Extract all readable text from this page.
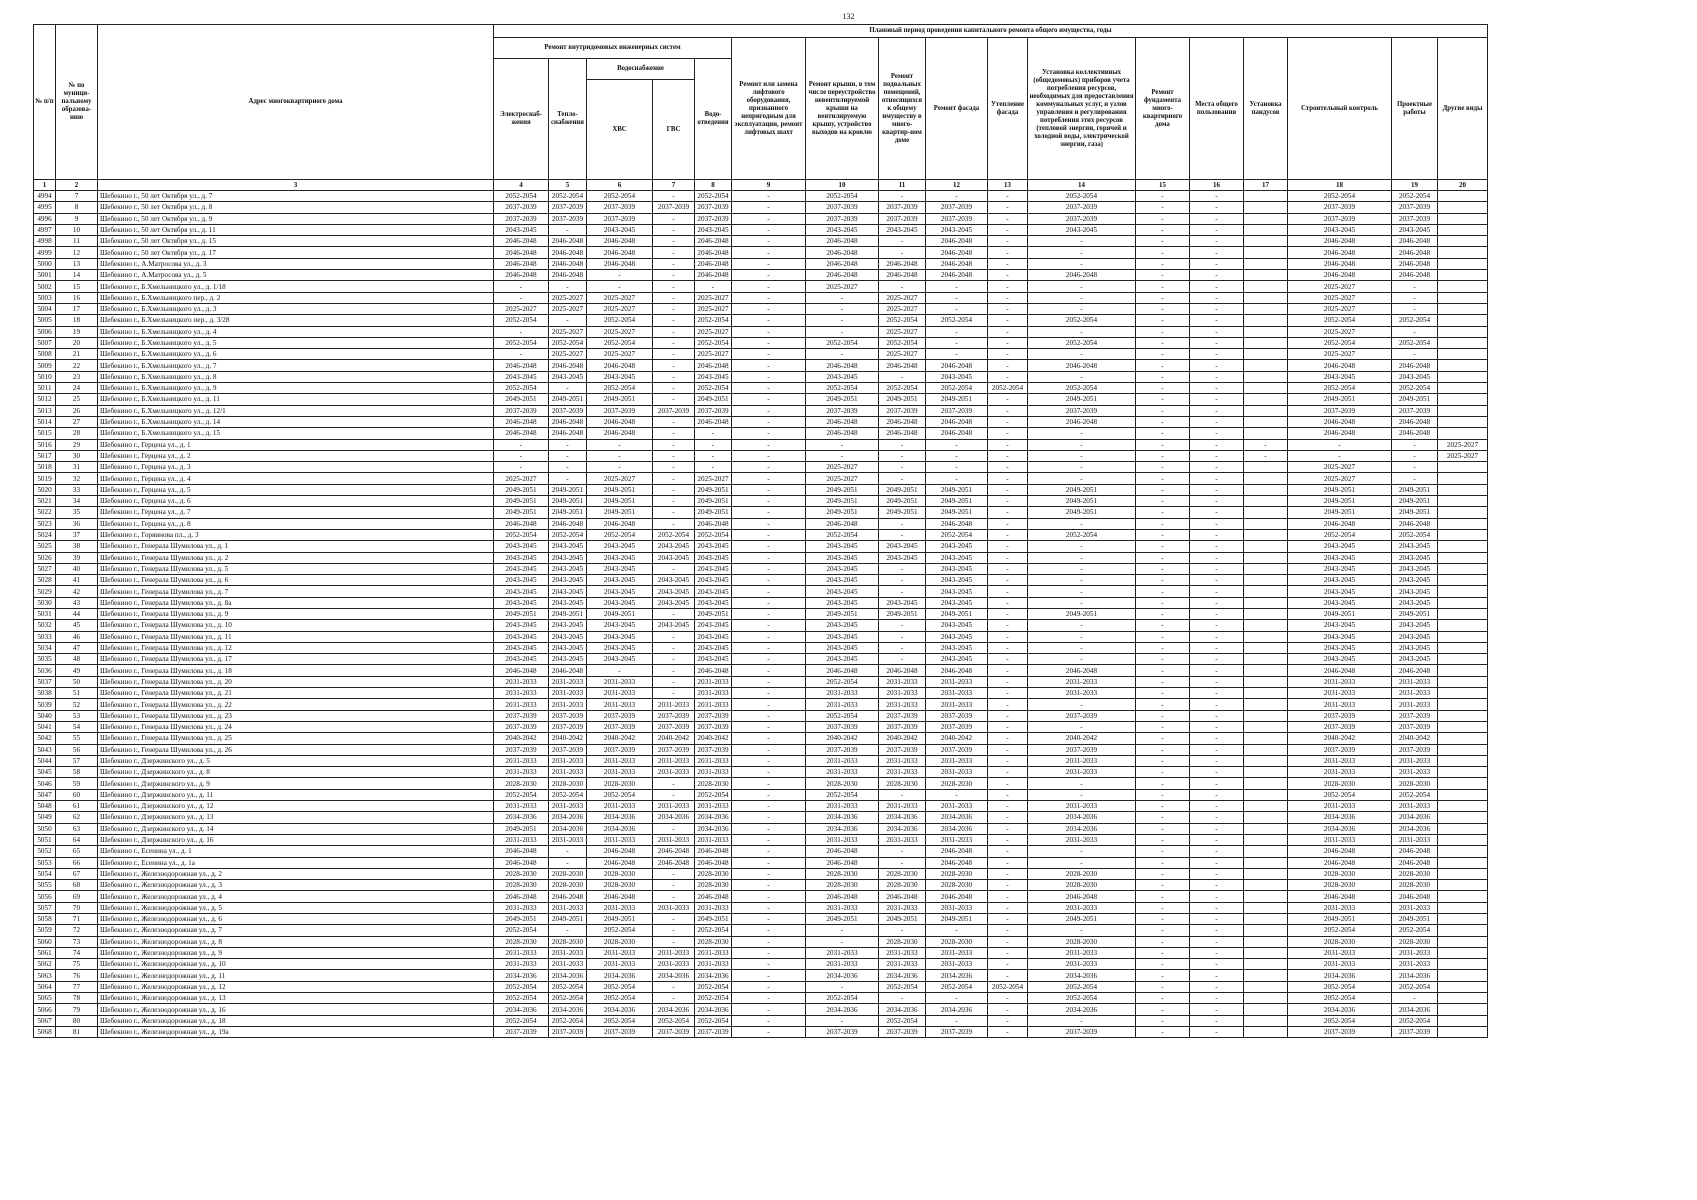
132
№ п/п	№ по муници-пальному образова-нию	Адрес многоквартирного дома	Плановый период проведения капитального ремонта общего имущества, годы																
			Ремонт внутридомовых инженерных систем					Ремонт или замена лифтового оборудования, признанного непригодным для эксплуатации, ремонт лифтовых шахт	Ремонт крыши, в том числе переустройство невентилируемой крыши на вентилируемую крышу, устройство выходов на кровлю	Ремонт подвальных помещений, относящихся к общему имуществу в много-квартир-ном доме	Ремонт фасада	Утепление фасада	Установка коллективных (общедомовых) приборов учета потребления ресурсов, необходимых для предоставления коммунальных услуг, и узлов управления и регулирования потребления этих ресурсов (тепловой энергии, горячей и холодной воды, электрической энергии, газа)	Ремонт фундамента много-квартирного дома	Места общего пользования	Установка пандусов	Строительный контроль	Проектные работы	Другие виды
			Электроснаб-жения	Тепло-снабжения	Водоснабжение		Водо-отведения												
					ХВС	ГВС													
1	2	3	4	5	6	7	8	9	10	11	12	13	14	15	16	17	18	19	20
4994	7	Шебекино г., 50 лет Октября ул., д. 7	2052-2054	2052-2054	2052-2054	-	2052-2054	-	2052-2054	-	-	-	2052-2054	-	-		2052-2054	2052-2054	
4995	8	Шебекино г., 50 лет Октября ул., д. 8	2037-2039	2037-2039	2037-2039	2037-2039	2037-2039	-	2037-2039	2037-2039	2037-2039	-	2037-2039	-	-		2037-2039	2037-2039	
4996	9	Шебекино г., 50 лет Октября ул., д. 9	2037-2039	2037-2039	2037-2039	-	2037-2039	-	2037-2039	2037-2039	2037-2039	-	2037-2039	-	-		2037-2039	2037-2039	
4997	10	Шебекино г., 50 лет Октября ул., д. 11	2043-2045	-	2043-2045	-	2043-2045	-	2043-2045	2043-2045	2043-2045	-	2043-2045	-	-		2043-2045	2043-2045	
4998	11	Шебекино г., 50 лет Октября ул., д. 15	2046-2048	2046-2048	2046-2048	-	2046-2048	-	2046-2048	-	2046-2048	-	-	-	-		2046-2048	2046-2048	
4999	12	Шебекино г., 50 лет Октября ул., д. 17	2046-2048	2046-2048	2046-2048	-	2046-2048	-	2046-2048	-	2046-2048	-	-	-	-		2046-2048	2046-2048	
5000	13	Шебекино г., А.Матросова ул., д. 3	2046-2048	2046-2048	2046-2048	-	2046-2048	-	2046-2048	2046-2048	2046-2048	-	-	-	-		2046-2048	2046-2048	
5001	14	Шебекино г., А.Матросова ул., д. 5	2046-2048	2046-2048	-	-	2046-2048	-	2046-2048	2046-2048	2046-2048	-	2046-2048	-	-		2046-2048	2046-2048	
5002	15	Шебекино г., Б.Хмельницкого ул., д. 1/18	-	-	-	-	-	-	2025-2027	-	-	-	-	-	-		2025-2027	-	
5003	16	Шебекино г., Б.Хмельницкого пер., д. 2	-	2025-2027	2025-2027	-	2025-2027	-	-	2025-2027	-	-	-	-	-		2025-2027	-	
5004	17	Шебекино г., Б.Хмельницкого ул., д. 3	2025-2027	2025-2027	2025-2027	-	2025-2027	-	-	2025-2027	-	-	-	-	-		2025-2027	-	
5005	18	Шебекино г., Б.Хмельницкого пер., д. 3/28	2052-2054	-	2052-2054	-	2052-2054	-	-	2052-2054	2052-2054	-	2052-2054	-	-		2052-2054	2052-2054	
5006	19	Шебекино г., Б.Хмельницкого ул., д. 4	-	2025-2027	2025-2027	-	2025-2027	-	-	2025-2027	-	-	-	-	-		2025-2027	-	
5007	20	Шебекино г., Б.Хмельницкого ул., д. 5	2052-2054	2052-2054	2052-2054	-	2052-2054	-	2052-2054	2052-2054	-	-	2052-2054	-	-		2052-2054	2052-2054	
5008	21	Шебекино г., Б.Хмельницкого ул., д. 6	-	2025-2027	2025-2027	-	2025-2027	-	-	2025-2027	-	-	-	-	-		2025-2027	-	
5009	22	Шебекино г., Б.Хмельницкого ул., д. 7	2046-2048	2046-2048	2046-2048	-	2046-2048	-	2046-2048	2046-2048	2046-2048	-	2046-2048	-	-		2046-2048	2046-2048	
5010	23	Шебекино г., Б.Хмельницкого ул., д. 8	2043-2045	2043-2045	2043-2045	-	2043-2045	-	2043-2045	-	2043-2045	-	-	-	-		2043-2045	2043-2045	
5011	24	Шебекино г., Б.Хмельницкого ул., д. 9	2052-2054	-	2052-2054	-	2052-2054	-	2052-2054	2052-2054	2052-2054	2052-2054	2052-2054	-	-		2052-2054	2052-2054	
5012	25	Шебекино г., Б.Хмельницкого ул., д. 11	2049-2051	2049-2051	2049-2051	-	2049-2051	-	2049-2051	2049-2051	2049-2051	-	2049-2051	-	-		2049-2051	2049-2051	
5013	26	Шебекино г., Б.Хмельницкого ул., д. 12/1	2037-2039	2037-2039	2037-2039	2037-2039	2037-2039	-	2037-2039	2037-2039	2037-2039	-	2037-2039	-	-		2037-2039	2037-2039	
5014	27	Шебекино г., Б.Хмельницкого ул., д. 14	2046-2048	2046-2048	2046-2048	-	2046-2048	-	2046-2048	2046-2048	2046-2048	-	2046-2048	-	-		2046-2048	2046-2048	
5015	28	Шебекино г., Б.Хмельницкого ул., д. 15	2046-2048	2046-2048	2046-2048	-	-	-	2046-2048	2046-2048	2046-2048	-	-	-	-		2046-2048	2046-2048	
5016	29	Шебекино г., Герцена ул., д. 1	-	-	-	-	-	-	-	-	-	-	-	-	-	-	-	-	2025-2027
5017	30	Шебекино г., Герцена ул., д. 2	-	-	-	-	-	-	-	-	-	-	-	-	-	-	-	-	2025-2027
5018	31	Шебекино г., Герцена ул., д. 3	-	-	-	-	-	-	2025-2027	-	-	-	-	-	-		2025-2027	-	
5019	32	Шебекино г., Герцена ул., д. 4	2025-2027	-	2025-2027	-	2025-2027	-	2025-2027	-	-	-	-	-	-		2025-2027	-	
5020	33	Шебекино г., Герцена ул., д. 5	2049-2051	2049-2051	2049-2051	-	2049-2051	-	2049-2051	2049-2051	2049-2051	-	2049-2051	-	-		2049-2051	2049-2051	
5021	34	Шебекино г., Герцена ул., д. 6	2049-2051	2049-2051	2049-2051	-	2049-2051	-	2049-2051	2049-2051	2049-2051	-	2049-2051	-	-		2049-2051	2049-2051	
5022	35	Шебекино г., Герцена ул., д. 7	2049-2051	2049-2051	2049-2051	-	2049-2051	-	2049-2051	2049-2051	2049-2051	-	2049-2051	-	-		2049-2051	2049-2051	
5023	36	Шебекино г., Герцена ул., д. 8	2046-2048	2046-2048	2046-2048	-	2046-2048	-	2046-2048	-	2046-2048	-	-	-	-		2046-2048	2046-2048	
5024	37	Шебекино г., Горяинова пл., д. 3	2052-2054	2052-2054	2052-2054	2052-2054	2052-2054	-	2052-2054	-	2052-2054	-	2052-2054	-	-		2052-2054	2052-2054	
5025	38	Шебекино г., Генерала Шумилова ул., д. 1	2043-2045	2043-2045	2043-2045	2043-2045	2043-2045	-	2043-2045	2043-2045	2043-2045	-	-	-	-		2043-2045	2043-2045	
5026	39	Шебекино г., Генерала Шумилова ул., д. 2	2043-2045	2043-2045	2043-2045	2043-2045	2043-2045	-	2043-2045	2043-2045	2043-2045	-	-	-	-		2043-2045	2043-2045	
5027	40	Шебекино г., Генерала Шумилова ул., д. 5	2043-2045	2043-2045	2043-2045	-	2043-2045	-	2043-2045	-	2043-2045	-	-	-	-		2043-2045	2043-2045	
5028	41	Шебекино г., Генерала Шумилова ул., д. 6	2043-2045	2043-2045	2043-2045	2043-2045	2043-2045	-	2043-2045	-	2043-2045	-	-	-	-		2043-2045	2043-2045	
5029	42	Шебекино г., Генерала Шумилова ул., д. 7	2043-2045	2043-2045	2043-2045	2043-2045	2043-2045	-	2043-2045	-	2043-2045	-	-	-	-		2043-2045	2043-2045	
5030	43	Шебекино г., Генерала Шумилова ул., д. 8а	2043-2045	2043-2045	2043-2045	2043-2045	2043-2045	-	2043-2045	2043-2045	2043-2045	-	-	-	-		2043-2045	2043-2045	
5031	44	Шебекино г., Генерала Шумилова ул., д. 9	2049-2051	2049-2051	2049-2051	-	2049-2051	-	2049-2051	2049-2051	2049-2051	-	2049-2051	-	-		2049-2051	2049-2051	
5032	45	Шебекино г., Генерала Шумилова ул., д. 10	2043-2045	2043-2045	2043-2045	2043-2045	2043-2045	-	2043-2045	-	2043-2045	-	-	-	-		2043-2045	2043-2045	
5033	46	Шебекино г., Генерала Шумилова ул., д. 11	2043-2045	2043-2045	2043-2045	-	2043-2045	-	2043-2045	-	2043-2045	-	-	-	-		2043-2045	2043-2045	
5034	47	Шебекино г., Генерала Шумилова ул., д. 12	2043-2045	2043-2045	2043-2045	-	2043-2045	-	2043-2045	-	2043-2045	-	-	-	-		2043-2045	2043-2045	
5035	48	Шебекино г., Генерала Шумилова ул., д. 17	2043-2045	2043-2045	2043-2045	-	2043-2045	-	2043-2045	-	2043-2045	-	-	-	-		2043-2045	2043-2045	
5036	49	Шебекино г., Генерала Шумилова ул., д. 18	2046-2048	2046-2048	-	-	2046-2048	-	2046-2048	2046-2048	2046-2048	-	2046-2048	-	-		2046-2048	2046-2048	
5037	50	Шебекино г., Генерала Шумилова ул., д. 20	2031-2033	2031-2033	2031-2033	-	2031-2033	-	2052-2054	2031-2033	2031-2033	-	2031-2033	-	-		2031-2033	2031-2033	
5038	51	Шебекино г., Генерала Шумилова ул., д. 21	2031-2033	2031-2033	2031-2033	-	2031-2033	-	2031-2033	2031-2033	2031-2033	-	2031-2033	-	-		2031-2033	2031-2033	
5039	52	Шебекино г., Генерала Шумилова ул., д. 22	2031-2033	2031-2033	2031-2033	2031-2033	2031-2033	-	2031-2033	2031-2033	2031-2033	-	-	-	-		2031-2033	2031-2033	
5040	53	Шебекино г., Генерала Шумилова ул., д. 23	2037-2039	2037-2039	2037-2039	2037-2039	2037-2039	-	2052-2054	2037-2039	2037-2039	-	2037-2039	-	-		2037-2039	2037-2039	
5041	54	Шебекино г., Генерала Шумилова ул., д. 24	2037-2039	2037-2039	2037-2039	2037-2039	2037-2039	-	2037-2039	2037-2039	2037-2039	-	-	-	-		2037-2039	2037-2039	
5042	55	Шебекино г., Генерала Шумилова ул., д. 25	2040-2042	2040-2042	2040-2042	2040-2042	2040-2042	-	2040-2042	2040-2042	2040-2042	-	2040-2042	-	-		2040-2042	2040-2042	
5043	56	Шебекино г., Генерала Шумилова ул., д. 26	2037-2039	2037-2039	2037-2039	2037-2039	2037-2039	-	2037-2039	2037-2039	2037-2039	-	2037-2039	-	-		2037-2039	2037-2039	
5044	57	Шебекино г., Дзержинского ул., д. 5	2031-2033	2031-2033	2031-2033	2031-2033	2031-2033	-	2031-2033	2031-2033	2031-2033	-	2031-2033	-	-		2031-2033	2031-2033	
5045	58	Шебекино г., Дзержинского ул., д. 8	2031-2033	2031-2033	2031-2033	2031-2033	2031-2033	-	2031-2033	2031-2033	2031-2033	-	2031-2033	-	-		2031-2033	2031-2033	
5046	59	Шебекино г., Дзержинского ул., д. 9	2028-2030	2028-2030	2028-2030	-	2028-2030	-	2028-2030	2028-2030	2028-2030	-	-	-	-		2028-2030	2028-2030	
5047	60	Шебекино г., Дзержинского ул., д. 11	2052-2054	2052-2054	2052-2054	-	2052-2054	-	2052-2054	-	-	-	-	-	-		2052-2054	2052-2054	
5048	61	Шебекино г., Дзержинского ул., д. 12	2031-2033	2031-2033	2031-2033	2031-2033	2031-2033	-	2031-2033	2031-2033	2031-2033	-	2031-2033	-	-		2031-2033	2031-2033	
5049	62	Шебекино г., Дзержинского ул., д. 13	2034-2036	2034-2036	2034-2036	2034-2036	2034-2036	-	2034-2036	2034-2036	2034-2036	-	2034-2036	-	-		2034-2036	2034-2036	
5050	63	Шебекино г., Дзержинского ул., д. 14	2049-2051	2034-2036	2034-2036	-	2034-2036	-	2034-2036	2034-2036	2034-2036	-	2034-2036	-	-		2034-2036	2034-2036	
5051	64	Шебекино г., Дзержинского ул., д. 16	2031-2033	2031-2033	2031-2033	2031-2033	2031-2033	-	2031-2033	2031-2033	2031-2033	-	2031-2033	-	-		2031-2033	2031-2033	
5052	65	Шебекино г., Есенина ул., д. 1	2046-2048	-	2046-2048	2046-2048	2046-2048	-	2046-2048	-	2046-2048	-	-	-	-		2046-2048	2046-2048	
5053	66	Шебекино г., Есенина ул., д. 1а	2046-2048	-	2046-2048	2046-2048	2046-2048	-	2046-2048	-	2046-2048	-	-	-	-		2046-2048	2046-2048	
5054	67	Шебекино г., Железнодорожная ул., д. 2	2028-2030	2028-2030	2028-2030	-	2028-2030	-	2028-2030	2028-2030	2028-2030	-	2028-2030	-	-		2028-2030	2028-2030	
5055	68	Шебекино г., Железнодорожная ул., д. 3	2028-2030	2028-2030	2028-2030	-	2028-2030	-	2028-2030	2028-2030	2028-2030	-	2028-2030	-	-		2028-2030	2028-2030	
5056	69	Шебекино г., Железнодорожная ул., д. 4	2046-2048	2046-2048	2046-2048	-	2046-2048	-	2046-2048	2046-2048	2046-2048	-	2046-2048	-	-		2046-2048	2046-2048	
5057	70	Шебекино г., Железнодорожная ул., д. 5	2031-2033	2031-2033	2031-2033	2031-2033	2031-2033	-	2031-2033	2031-2033	2031-2033	-	2031-2033	-	-		2031-2033	2031-2033	
5058	71	Шебекино г., Железнодорожная ул., д. 6	2049-2051	2049-2051	2049-2051	-	2049-2051	-	2049-2051	2049-2051	2049-2051	-	2049-2051	-	-		2049-2051	2049-2051	
5059	72	Шебекино г., Железнодорожная ул., д. 7	2052-2054	-	2052-2054	-	2052-2054	-	-	-	-	-	-	-	-		2052-2054	2052-2054	
5060	73	Шебекино г., Железнодорожная ул., д. 8	2028-2030	2028-2030	2028-2030	-	2028-2030	-	-	2028-2030	2028-2030	-	2028-2030	-	-		2028-2030	2028-2030	
5061	74	Шебекино г., Железнодорожная ул., д. 9	2031-2033	2031-2033	2031-2033	2031-2033	2031-2033	-	2031-2033	2031-2033	2031-2033	-	2031-2033	-	-		2031-2033	2031-2033	
5062	75	Шебекино г., Железнодорожная ул., д. 10	2031-2033	2031-2033	2031-2033	2031-2033	2031-2033	-	2031-2033	2031-2033	2031-2033	-	2031-2033	-	-		2031-2033	2031-2033	
5063	76	Шебекино г., Железнодорожная ул., д. 11	2034-2036	2034-2036	2034-2036	2034-2036	2034-2036	-	2034-2036	2034-2036	2034-2036	-	2034-2036	-	-		2034-2036	2034-2036	
5064	77	Шебекино г., Железнодорожная ул., д. 12	2052-2054	2052-2054	2052-2054	-	2052-2054	-	-	2052-2054	2052-2054	2052-2054	2052-2054	-	-		2052-2054	2052-2054	
5065	78	Шебекино г., Железнодорожная ул., д. 13	2052-2054	2052-2054	2052-2054	-	2052-2054	-	2052-2054	-	-	-	2052-2054	-	-		2052-2054	-	
5066	79	Шебекино г., Железнодорожная ул., д. 16	2034-2036	2034-2036	2034-2036	2034-2036	2034-2036	-	2034-2036	2034-2036	2034-2036	-	2034-2036	-	-		2034-2036	2034-2036	
5067	80	Шебекино г., Железнодорожная ул., д. 18	2052-2054	2052-2054	2052-2054	2052-2054	2052-2054	-	-	2052-2054	-	-	-	-	-		2052-2054	2052-2054	
5068	81	Шебекино г., Железнодорожная ул., д. 19а	2037-2039	2037-2039	2037-2039	2037-2039	2037-2039	-	2037-2039	2037-2039	2037-2039	-	2037-2039	-	-		2037-2039	2037-2039	
